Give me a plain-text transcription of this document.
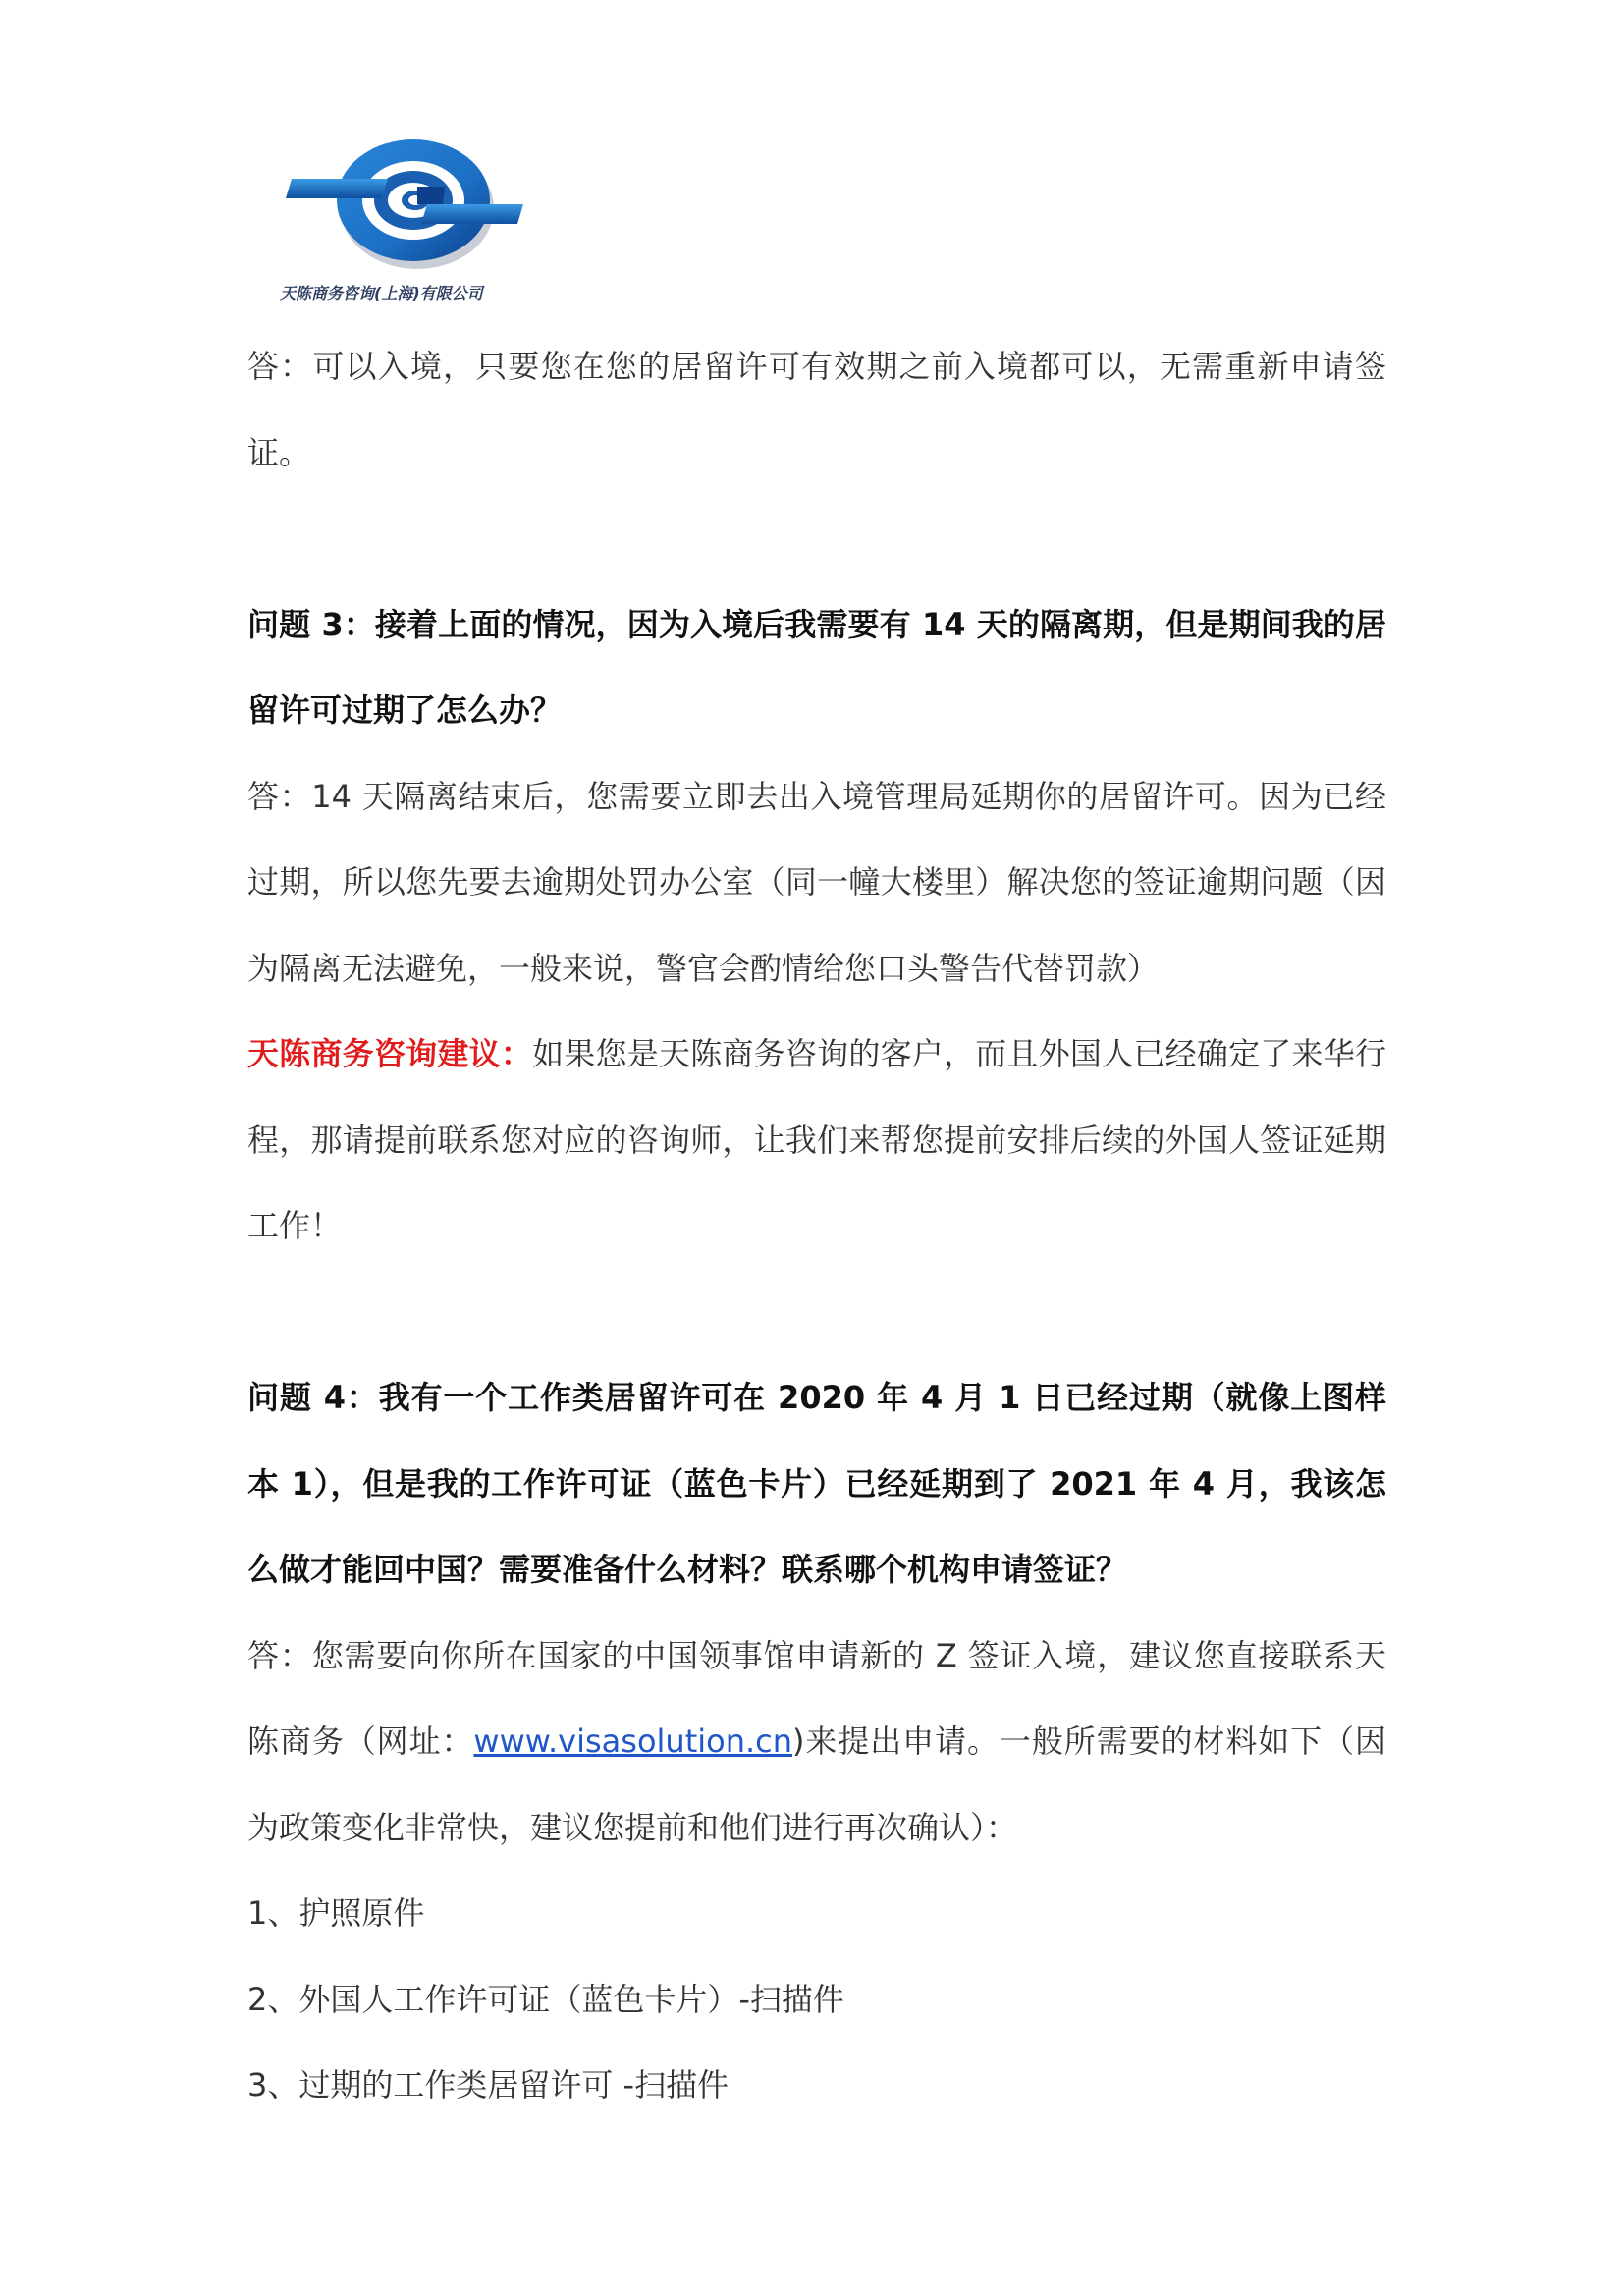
天陈商务咨询(上海)有限公司

答：可以入境，只要您在您的居留许可有效期之前入境都可以，无需重新申请签证。

问题 3：接着上面的情况，因为入境后我需要有 14 天的隔离期，但是期间我的居留许可过期了怎么办？

答：14 天隔离结束后，您需要立即去出入境管理局延期你的居留许可。因为已经过期，所以您先要去逾期处罚办公室（同一幢大楼里）解决您的签证逾期问题（因为隔离无法避免，一般来说，警官会酌情给您口头警告代替罚款）

天陈商务咨询建议：如果您是天陈商务咨询的客户，而且外国人已经确定了来华行程，那请提前联系您对应的咨询师，让我们来帮您提前安排后续的外国人签证延期工作！

问题 4：我有一个工作类居留许可在 2020 年 4 月 1 日已经过期（就像上图样本 1），但是我的工作许可证（蓝色卡片）已经延期到了 2021 年 4 月，我该怎么做才能回中国？需要准备什么材料？联系哪个机构申请签证？

答：您需要向你所在国家的中国领事馆申请新的 Z 签证入境，建议您直接联系天陈商务（网址：www.visasolution.cn)来提出申请。一般所需要的材料如下（因为政策变化非常快，建议您提前和他们进行再次确认）：

1、护照原件

2、外国人工作许可证（蓝色卡片）-扫描件

3、过期的工作类居留许可 -扫描件
